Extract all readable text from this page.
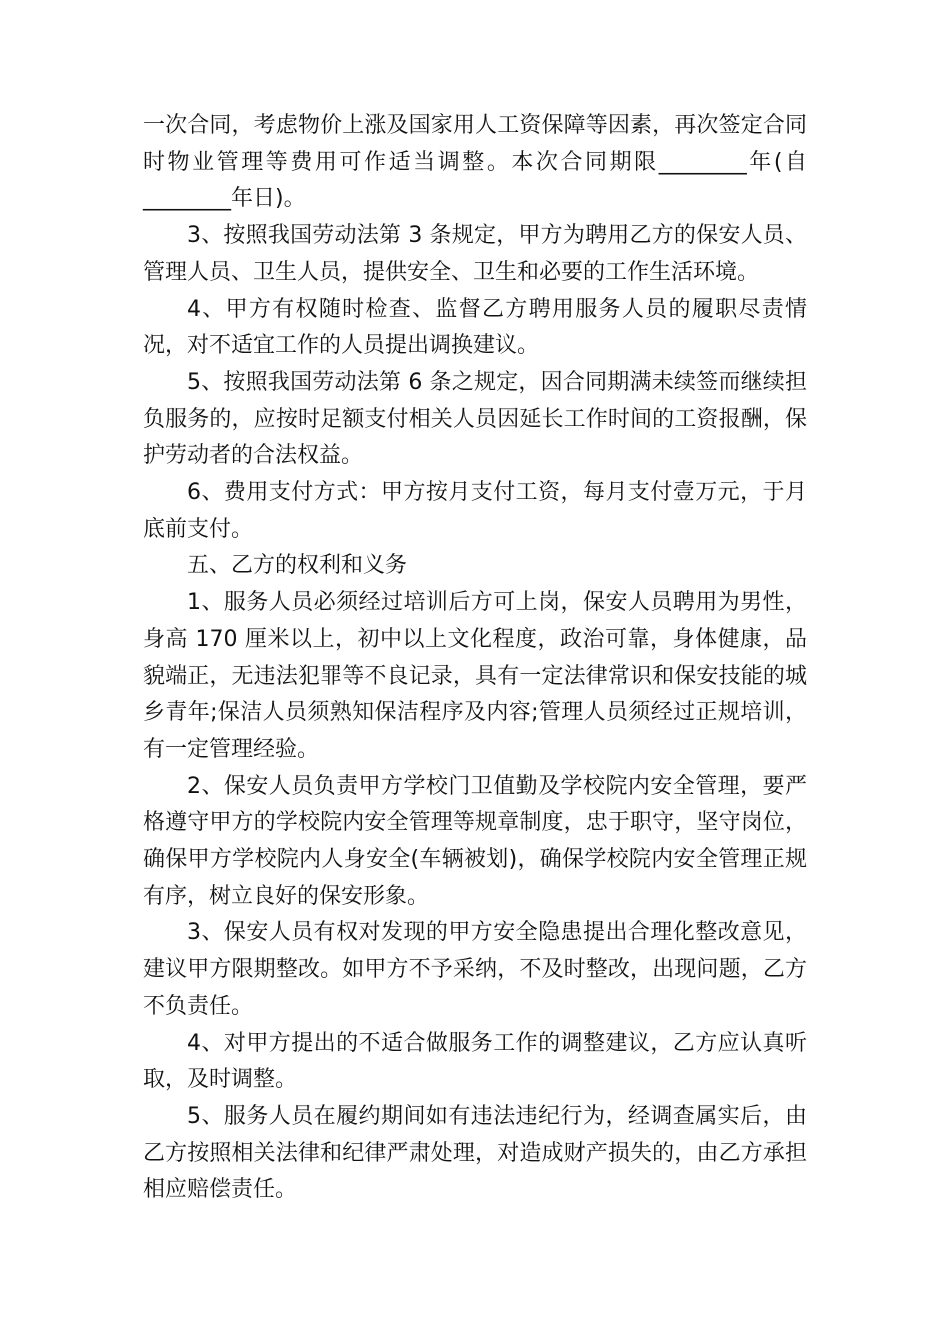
一次合同，考虑物价上涨及国家用人工资保障等因素，再次签定合同时物业管理等费用可作适当调整。本次合同期限________年(自________年日)。

3、按照我国劳动法第 3 条规定，甲方为聘用乙方的保安人员、管理人员、卫生人员，提供安全、卫生和必要的工作生活环境。

4、甲方有权随时检查、监督乙方聘用服务人员的履职尽责情况，对不适宜工作的人员提出调换建议。

5、按照我国劳动法第 6 条之规定，因合同期满未续签而继续担负服务的，应按时足额支付相关人员因延长工作时间的工资报酬，保护劳动者的合法权益。

6、费用支付方式：甲方按月支付工资，每月支付壹万元，于月底前支付。

五、乙方的权利和义务

1、服务人员必须经过培训后方可上岗，保安人员聘用为男性，身高 170 厘米以上，初中以上文化程度，政治可靠，身体健康，品貌端正，无违法犯罪等不良记录，具有一定法律常识和保安技能的城乡青年;保洁人员须熟知保洁程序及内容;管理人员须经过正规培训，有一定管理经验。

2、保安人员负责甲方学校门卫值勤及学校院内安全管理，要严格遵守甲方的学校院内安全管理等规章制度，忠于职守，坚守岗位，确保甲方学校院内人身安全(车辆被划)，确保学校院内安全管理正规有序，树立良好的保安形象。

3、保安人员有权对发现的甲方安全隐患提出合理化整改意见，建议甲方限期整改。如甲方不予采纳，不及时整改，出现问题，乙方不负责任。

4、对甲方提出的不适合做服务工作的调整建议，乙方应认真听取，及时调整。

5、服务人员在履约期间如有违法违纪行为，经调查属实后，由乙方按照相关法律和纪律严肃处理，对造成财产损失的，由乙方承担相应赔偿责任。
